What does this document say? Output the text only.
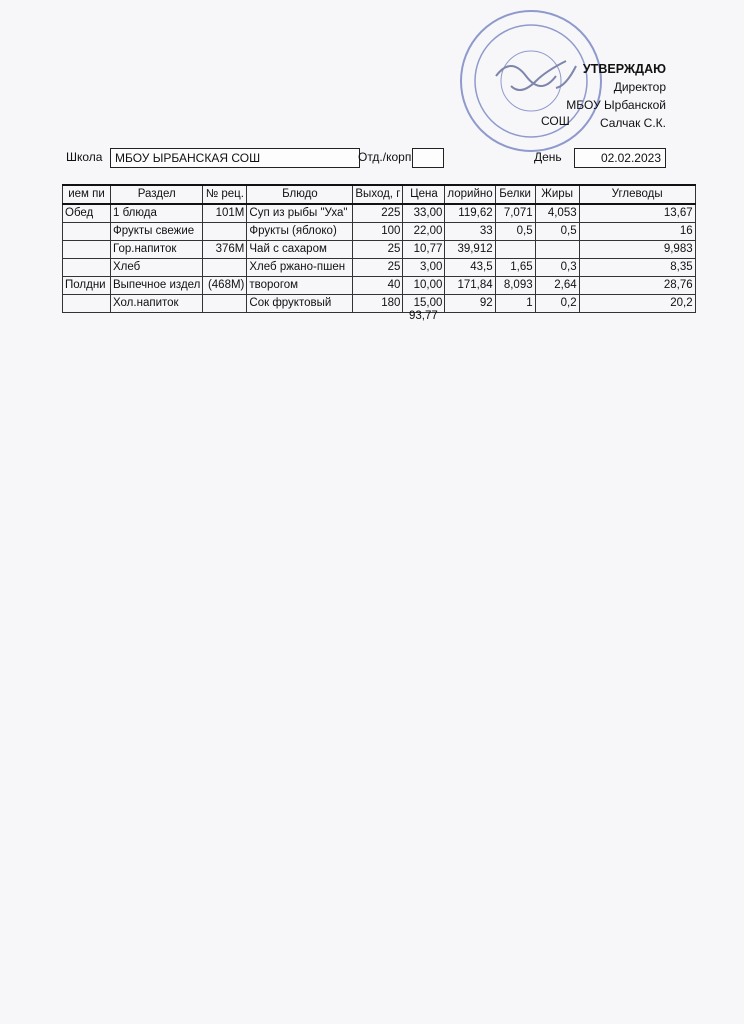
УТВЕРЖДАЮ
Директор
МБОУ Ырбанской
Салчак С.К.
СОШ
Школа	МБОУ ЫРБАНСКАЯ СОШ	Отд./корп	День	02.02.2023
ием пи	Раздел	№ рец.	Блюдо	Выход, г	Цена	лорийно	Белки	Жиры	Углеводы
Обед	1 блюда	101М	Суп из рыбы "Уха"	225	33,00	119,62	7,071	4,053	13,67
	Фрукты свежие		Фрукты (яблоко)	100	22,00	33	0,5	0,5	16
	Гор.напиток	376М	Чай с сахаром	25	10,77	39,912			9,983
	Хлеб		Хлеб ржано-пшен	25	3,00	43,5	1,65	0,3	8,35
Полдни	Выпечное издел	(468М)	творогом	40	10,00	171,84	8,093	2,64	28,76
	Хол.напиток		Сок фруктовый	180	15,00	92	1	0,2	20,2
93,77
